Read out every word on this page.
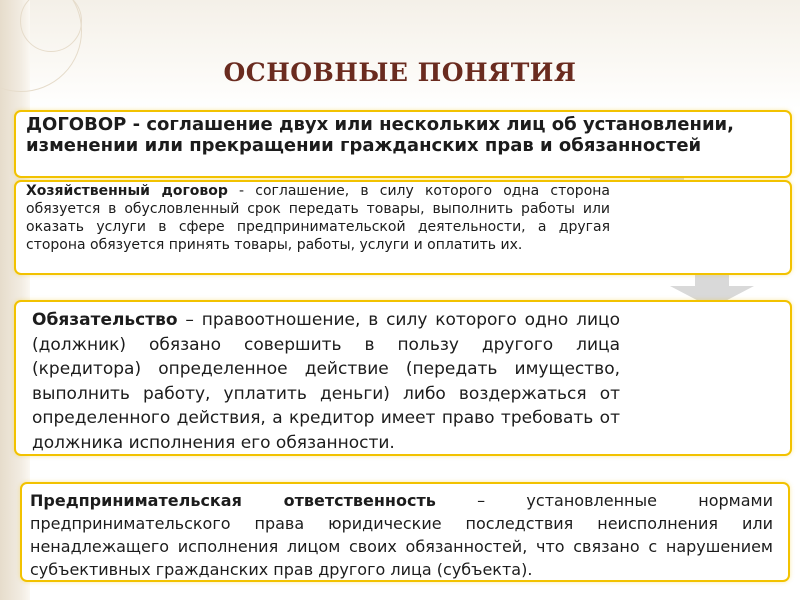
ОСНОВНЫЕ ПОНЯТИЯ

ДОГОВОР - соглашение двух или нескольких лиц об установлении, изменении или прекращении гражданских прав и обязанностей

Хозяйственный договор - соглашение, в силу которого одна сторона обязуется в обусловленный срок передать товары, выполнить работы или оказать услуги в сфере предпринимательской деятельности, а другая сторона обязуется принять товары, работы, услуги и оплатить их.

Обязательство – правоотношение, в силу которого одно лицо (должник) обязано совершить в пользу другого лица (кредитора) определенное действие (передать имущество, выполнить работу, уплатить деньги) либо воздержаться от определенного действия, а кредитор имеет право требовать от должника исполнения его обязанности.

Предпринимательская ответственность – установленные нормами предпринимательского права юридические последствия неисполнения или ненадлежащего исполнения лицом своих обязанностей, что связано с нарушением субъективных гражданских прав другого лица (субъекта).
